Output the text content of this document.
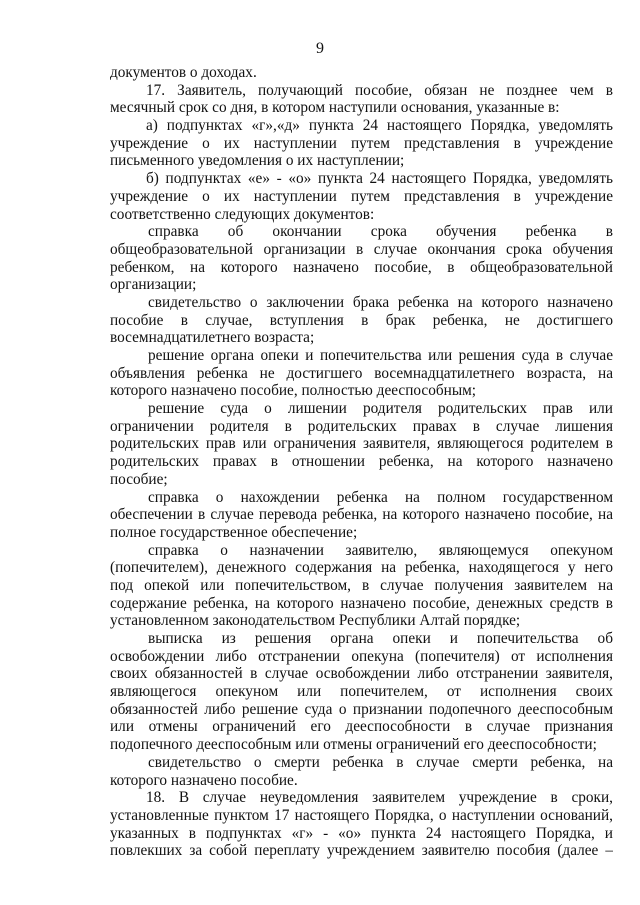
9
документов о доходах.
17. Заявитель, получающий пособие, обязан не позднее чем в
месячный срок со дня, в котором наступили основания, указанные в:
а) подпунктах «г»,«д» пункта 24 настоящего Порядка, уведомлять
учреждение о их наступлении путем представления в учреждение
письменного уведомления о их наступлении;
б) подпунктах «е» - «о» пункта 24 настоящего Порядка, уведомлять
учреждение о их наступлении путем представления в учреждение
соответственно следующих документов:
справка об окончании срока обучения ребенка в
общеобразовательной организации в случае окончания срока обучения
ребенком, на которого назначено пособие, в общеобразовательной
организации;
свидетельство о заключении брака ребенка на которого назначено
пособие в случае, вступления в брак ребенка, не достигшего
восемнадцатилетнего возраста;
решение органа опеки и попечительства или решения суда в случае
объявления ребенка не достигшего восемнадцатилетнего возраста, на
которого назначено пособие, полностью дееспособным;
решение суда о лишении родителя родительских прав или
ограничении родителя в родительских правах в случае лишения
родительских прав или ограничения заявителя, являющегося родителем в
родительских правах в отношении ребенка, на которого назначено
пособие;
справка о нахождении ребенка на полном государственном
обеспечении в случае перевода ребенка, на которого назначено пособие, на
полное государственное обеспечение;
справка о назначении заявителю, являющемуся опекуном
(попечителем), денежного содержания на ребенка, находящегося у него
под опекой или попечительством, в случае получения заявителем на
содержание ребенка, на которого назначено пособие, денежных средств в
установленном законодательством Республики Алтай порядке;
выписка из решения органа опеки и попечительства об
освобождении либо отстранении опекуна (попечителя) от исполнения
своих обязанностей в случае освобождении либо отстранении заявителя,
являющегося опекуном или попечителем, от исполнения своих
обязанностей либо решение суда о признании подопечного дееспособным
или отмены ограничений его дееспособности в случае признания
подопечного дееспособным или отмены ограничений его дееспособности;
свидетельство о смерти ребенка в случае смерти ребенка, на
которого назначено пособие.
18. В случае неуведомления заявителем учреждение в сроки,
установленные пунктом 17 настоящего Порядка, о наступлении оснований,
указанных в подпунктах «г» - «о» пункта 24 настоящего Порядка, и
повлекших за собой переплату учреждением заявителю пособия (далее –
